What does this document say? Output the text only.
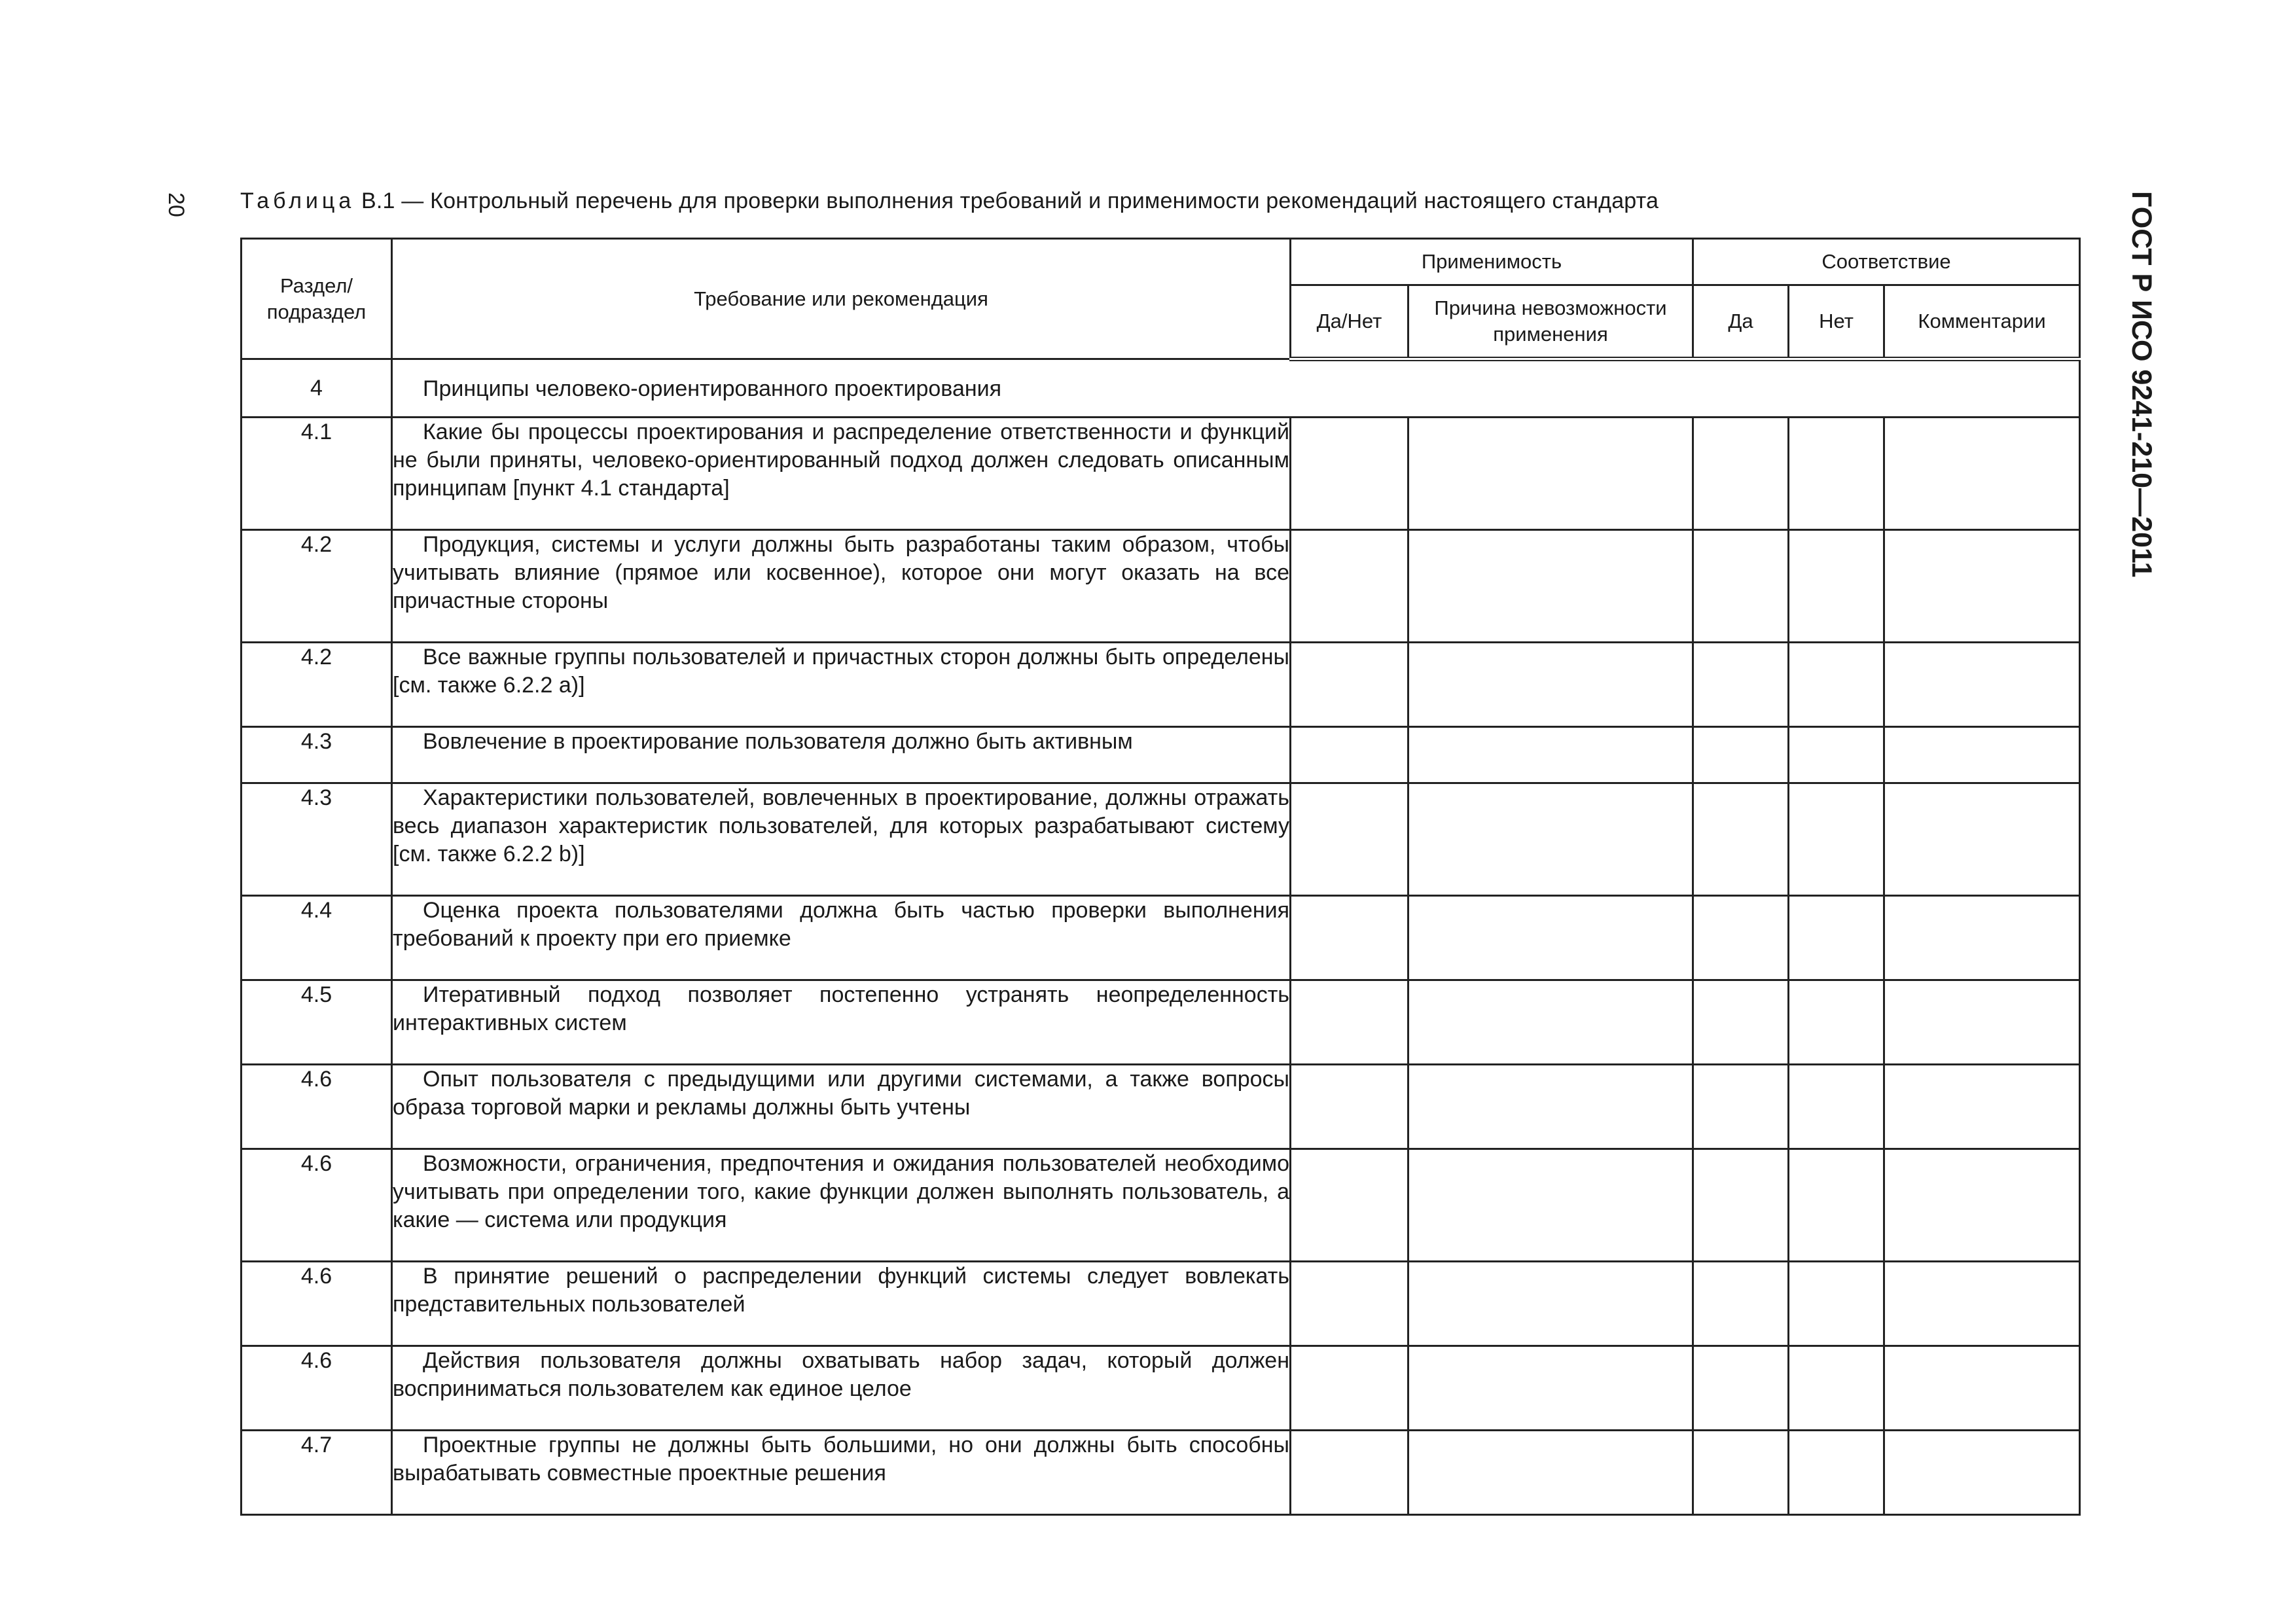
20 Таблица В.1 — Контрольный перечень для проверки выполнения требований и применимости рекомендаций настоящего стандарта	ГОСТ Р ИСО 9241-210—2011
Раздел/ подраздел	Требование или рекомендация	Применимость		Соответствие		
		Да/Нет	Причина невозможности применения	Да	Нет	Комментарии
4	Принципы человеко-ориентированного проектирования					
4.1	Какие бы процессы проектирования и распределение ответственности и функций не были приняты, человеко-ориентированный подход должен следовать описанным принципам [пункт 4.1 стандарта]					
4.2	Продукция, системы и услуги должны быть разработаны таким образом, чтобы учитывать влияние (прямое или косвенное), которое они могут оказать на все причастные стороны					
4.2	Все важные группы пользователей и причастных сторон должны быть определены [см. также 6.2.2 а)]					
4.3	Вовлечение в проектирование пользователя должно быть активным					
4.3	Характеристики пользователей, вовлеченных в проектирование, должны отражать весь диапазон характеристик пользователей, для которых разрабатывают систему [см. также 6.2.2 b)]					
4.4	Оценка проекта пользователями должна быть частью проверки выполнения требований к проекту при его приемке					
4.5	Итеративный подход позволяет постепенно устранять неопределенность интерактивных систем					
4.6	Опыт пользователя с предыдущими или другими системами, а также вопросы образа торговой марки и рекламы должны быть учтены					
4.6	Возможности, ограничения, предпочтения и ожидания пользователей необходимо учитывать при определении того, какие функции должен выполнять пользователь, а какие — система или продукция					
4.6	В принятие решений о распределении функций системы следует вовлекать представительных пользователей					
4.6	Действия пользователя должны охватывать набор задач, который должен восприниматься пользователем как единое целое					
4.7	Проектные группы не должны быть большими, но они должны быть способны вырабатывать совместные проектные решения					
